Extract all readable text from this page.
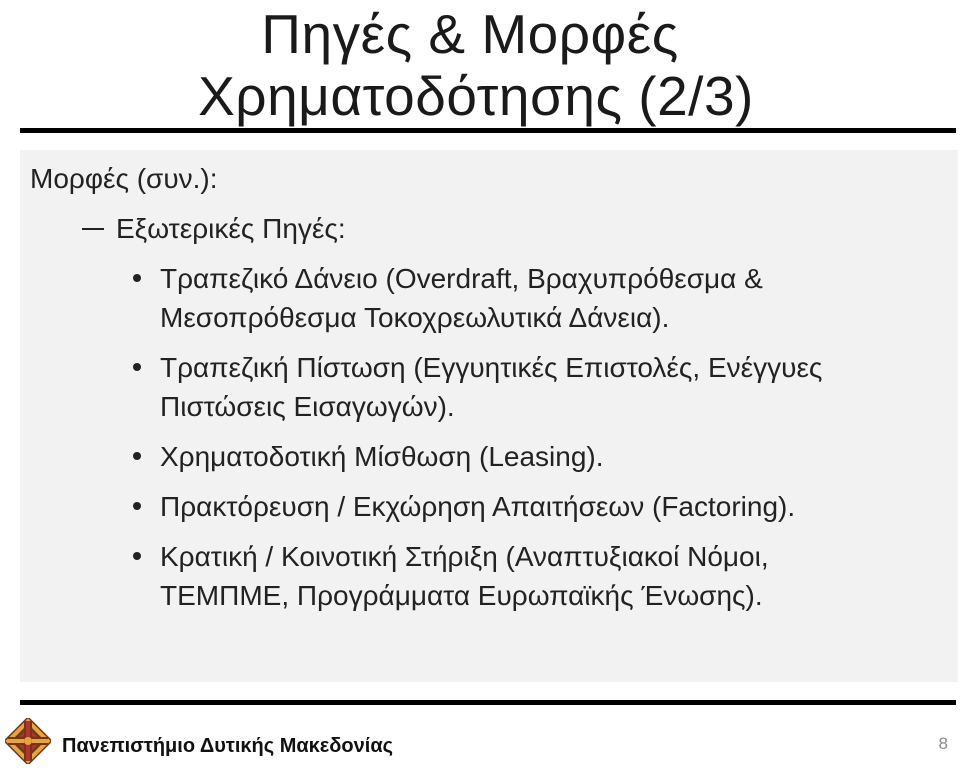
Πηγές & Μορφές
Χρηματοδότησης (2/3)
Μορφές (συν.):
Εξωτερικές Πηγές:
Τραπεζικό Δάνειο (Overdraft, Βραχυπρόθεσμα &
Μεσοπρόθεσμα Τοκοχρεωλυτικά Δάνεια).
Τραπεζική Πίστωση (Εγγυητικές Επιστολές, Ενέγγυες
Πιστώσεις Εισαγωγών).
Χρηματοδοτική Μίσθωση (Leasing).
Πρακτόρευση / Εκχώρηση Απαιτήσεων (Factoring).
Κρατική / Κοινοτική Στήριξη (Αναπτυξιακοί Νόμοι,
ΤΕΜΠΜΕ, Προγράμματα Ευρωπαϊκής Ένωσης).
Πανεπιστήμιο Δυτικής Μακεδονίας	8
